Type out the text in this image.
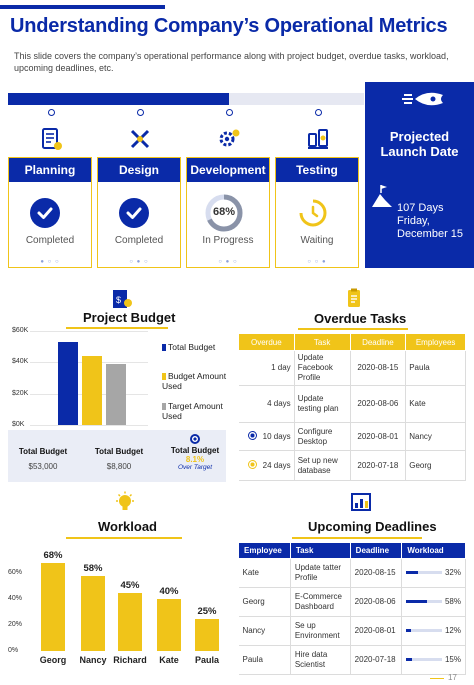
Understanding Company’s Operational Metrics
This slide covers the company’s operational performance along with project budget, overdue tasks, workload, upcoming deadlines, etc.
Planning
Completed
● ○ ○
Design
Completed
○ ● ○
Development
68%
In Progress
○ ● ○
Testing
Waiting
○ ○ ●
Projected Launch Date
107 Days Friday, December 15
$
Project Budget
$60K
$40K
$20K
$0K
Total Budget
Budget Amount Used
Target Amount Used
Total Budget
$53,000
Total Budget
$8,800
Total Budget
8.1%
Over Target
Overdue Tasks
Overdue	Task	Deadline	Employees
1 day	Update Facebook Profile	2020-08-15	Paula
4 days	Update testing plan	2020-08-06	Kate
10 days	Configure Desktop	2020-08-01	Nancy
24 days	Set up new database	2020-07-18	Georg
Workload
60%
40%
20%
0%
68%
Georg
58%
Nancy
45%
Richard
40%
Kate
25%
Paula
Upcoming Deadlines
Employee	Task	Deadline	Workload
Kate	Update tatter Profile	2020-08-15	32%

Georg	E-Commerce Dashboard	2020-08-06	58%

Nancy	Se up Environment	2020-08-01	12%

Paula	Hire data Scientist	2020-07-18	15%
17
